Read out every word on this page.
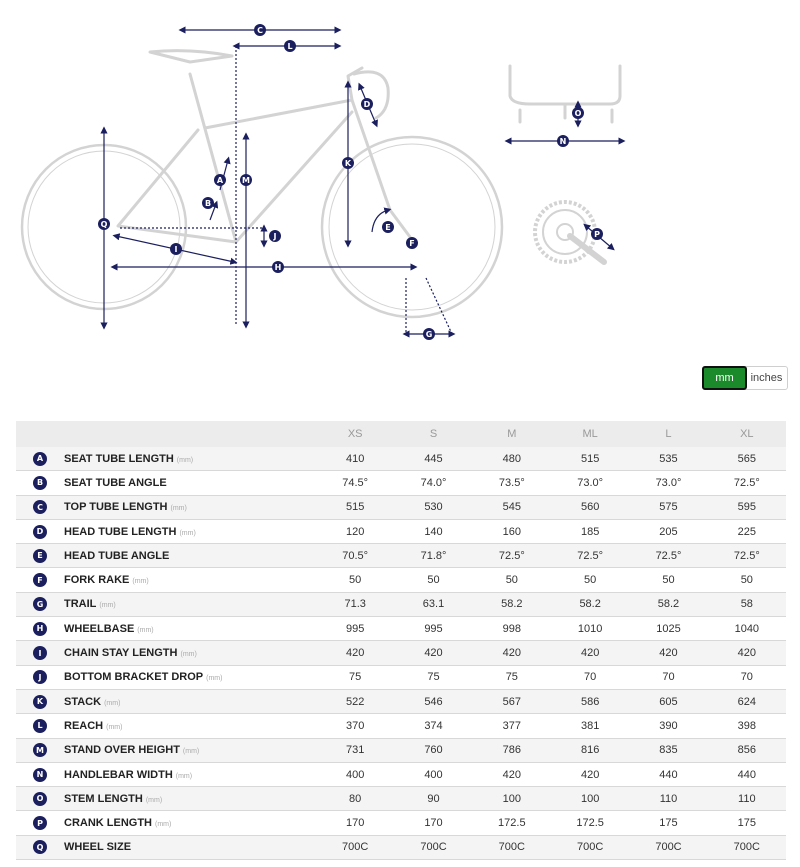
A
B
C
D
E
F
G
H
I
J
K
L
M
N
O
P
Q
mm	inches
		XS	S	M	ML	L	XL
A	SEAT TUBE LENGTH (mm)	410	445	480	515	535	565
B	SEAT TUBE ANGLE	74.5°	74.0°	73.5°	73.0°	73.0°	72.5°
C	TOP TUBE LENGTH (mm)	515	530	545	560	575	595
D	HEAD TUBE LENGTH (mm)	120	140	160	185	205	225
E	HEAD TUBE ANGLE	70.5°	71.8°	72.5°	72.5°	72.5°	72.5°
F	FORK RAKE (mm)	50	50	50	50	50	50
G	TRAIL (mm)	71.3	63.1	58.2	58.2	58.2	58
H	WHEELBASE (mm)	995	995	998	1010	1025	1040
I	CHAIN STAY LENGTH (mm)	420	420	420	420	420	420
J	BOTTOM BRACKET DROP (mm)	75	75	75	70	70	70
K	STACK (mm)	522	546	567	586	605	624
L	REACH (mm)	370	374	377	381	390	398
M	STAND OVER HEIGHT (mm)	731	760	786	816	835	856
N	HANDLEBAR WIDTH (mm)	400	400	420	420	440	440
O	STEM LENGTH (mm)	80	90	100	100	110	110
P	CRANK LENGTH (mm)	170	170	172.5	172.5	175	175
Q	WHEEL SIZE	700C	700C	700C	700C	700C	700C
